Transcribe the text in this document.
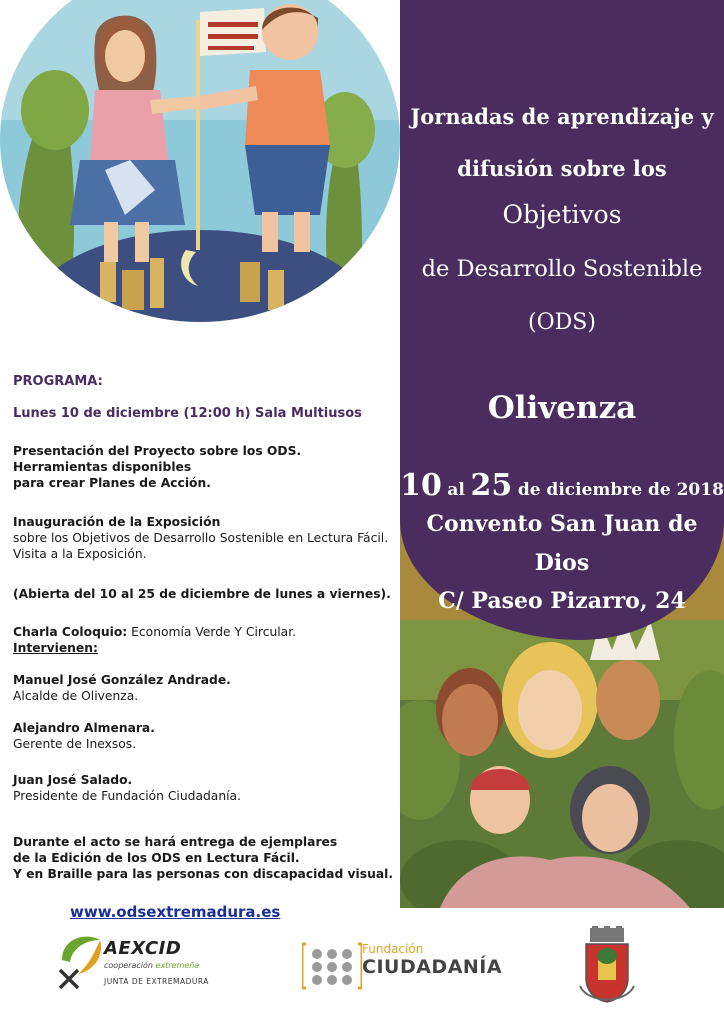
Jornadas de aprendizaje y
difusión sobre los
Objetivos
de Desarrollo Sostenible
(ODS)
Olivenza
10 al 25 de diciembre de 2018
Convento San Juan de
Dios
C/ Paseo Pizarro, 24
PROGRAMA:
Lunes 10 de diciembre (12:00 h) Sala Multiusos
Presentación del Proyecto sobre los ODS.
Herramientas disponibles
para crear Planes de Acción.
Inauguración de la Exposición
sobre los Objetivos de Desarrollo Sostenible en Lectura Fácil.
Visita a la Exposición.
(Abierta del 10 al 25 de diciembre de lunes a viernes).
Charla Coloquio: Economía Verde Y Circular.
Intervienen:
Manuel José González Andrade.
Alcalde de Olivenza.
Alejandro Almenara.
Gerente de Inexsos.
Juan José Salado.
Presidente de Fundación Ciudadanía.
Durante el acto se hará entrega de ejemplares
de la Edición de los ODS en Lectura Fácil.
Y en Braille para las personas con discapacidad visual.
www.odsextremadura.es
AEXCID
cooperación extremeña
JUNTA DE EXTREMADURA
Fundación
CIUDADANÍA
